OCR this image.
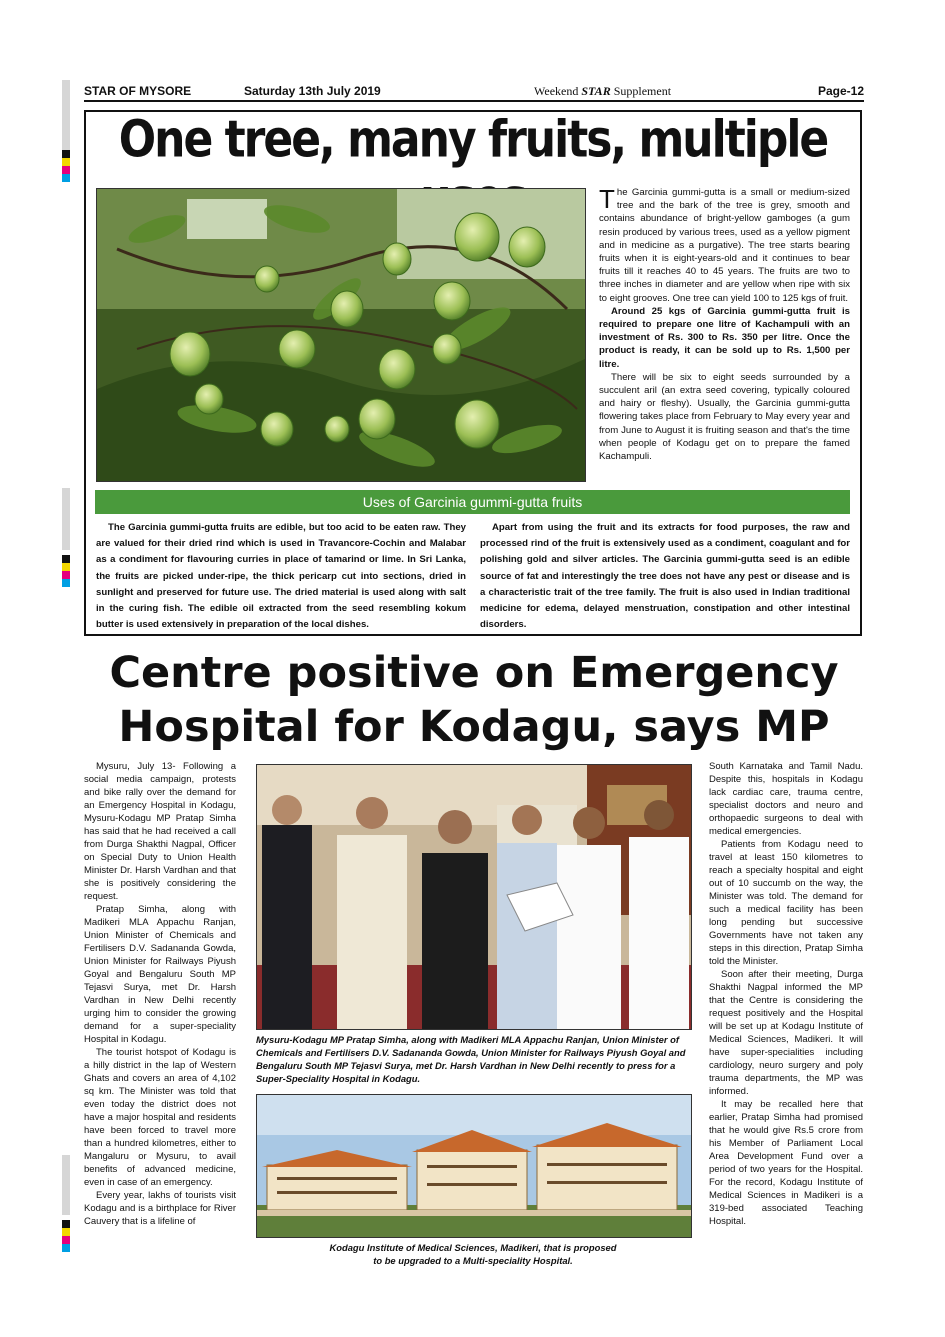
STAR OF MYSORE	Saturday 13th July 2019	Weekend STAR Supplement	Page-12
One tree, many fruits, multiple

The Garcinia gummi-gutta is a small or medium-sized tree and the bark of the tree is grey, smooth and contains abundance of bright-yellow gamboges (a gum resin produced by various trees, used as a yellow pigment and in medicine as a purgative). The tree starts bearing fruits when it is eight-years-old and it continues to bear fruits till it reaches 40 to 45 years. The fruits are two to three inches in diameter and are yellow when ripe with six to eight grooves. One tree can yield 100 to 125 kgs of fruit.

Around 25 kgs of Garcinia gummi-gutta fruit is required to prepare one litre of Kachampuli with an investment of Rs. 300 to Rs. 350 per litre. Once the product is ready, it can be sold up to Rs. 1,500 per litre.

There will be six to eight seeds surrounded by a succulent aril (an extra seed covering, typically coloured and hairy or fleshy). Usually, the Garcinia gummi-gutta flowering takes place from February to May every year and from June to August it is fruiting season and that's the time when people of Kodagu get on to prepare the famed Kachampuli.

Uses of Garcinia gummi-gutta fruits

The Garcinia gummi-gutta fruits are edible, but too acid to be eaten raw. They are valued for their dried rind which is used in Travancore-Cochin and Malabar as a condiment for flavouring curries in place of tamarind or lime. In Sri Lanka, the fruits are picked under-ripe, the thick pericarp cut into sections, dried in sunlight and preserved for future use. The dried material is used along with salt in the curing fish. The edible oil extracted from the seed resembling kokum butter is used extensively in preparation of the local dishes.

Apart from using the fruit and its extracts for food purposes, the raw and processed rind of the fruit is extensively used as a condiment, coagulant and for polishing gold and silver articles. The Garcinia gummi-gutta seed is an edible source of fat and interestingly the tree does not have any pest or disease and is a characteristic trait of the tree family. The fruit is also used in Indian traditional medicine for edema, delayed menstruation, constipation and other intestinal disorders.

Centre positive on Emergency
Hospital for Kodagu, says MP

Mysuru, July 13- Following a social media campaign, protests and bike rally over the demand for an Emergency Hospital in Kodagu, Mysuru-Kodagu MP Pratap Simha has said that he had received a call from Durga Shakthi Nagpal, Officer on Special Duty to Union Health Minister Dr. Harsh Vardhan and that she is positively considering the request.

Pratap Simha, along with Madikeri MLA Appachu Ranjan, Union Minister of Chemicals and Fertilisers D.V. Sadananda Gowda, Union Minister for Railways Piyush Goyal and Bengaluru South MP Tejasvi Surya, met Dr. Harsh Vardhan in New Delhi recently urging him to consider the growing demand for a super-speciality Hospital in Kodagu.

The tourist hotspot of Kodagu is a hilly district in the lap of Western Ghats and covers an area of 4,102 sq km. The Minister was told that even today the district does not have a major hospital and residents have been forced to travel more than a hundred kilometres, either to Mangaluru or Mysuru, to avail benefits of advanced medicine, even in case of an emergency.

Every year, lakhs of tourists visit Kodagu and is a birthplace for River Cauvery that is a lifeline of

Mysuru-Kodagu MP Pratap Simha, along with Madikeri MLA Appachu Ranjan, Union Minister of Chemicals and Fertilisers D.V. Sadananda Gowda, Union Minister for Railways Piyush Goyal and Bengaluru South MP Tejasvi Surya, met Dr. Harsh Vardhan in New Delhi recently to press for a Super-Speciality Hospital in Kodagu.
Kodagu Institute of Medical Sciences, Madikeri, that is proposed
to be upgraded to a Multi-speciality Hospital.

South Karnataka and Tamil Nadu. Despite this, hospitals in Kodagu lack cardiac care, trauma centre, specialist doctors and neuro and orthopaedic surgeons to deal with medical emergencies.

Patients from Kodagu need to travel at least 150 kilometres to reach a specialty hospital and eight out of 10 succumb on the way, the Minister was told. The demand for such a medical facility has been long pending but successive Governments have not taken any steps in this direction, Pratap Simha told the Minister.

Soon after their meeting, Durga Shakthi Nagpal informed the MP that the Centre is considering the request positively and the Hospital will be set up at Kodagu Institute of Medical Sciences, Madikeri. It will have super-specialities including cardiology, neuro surgery and poly trauma departments, the MP was informed.

It may be recalled here that earlier, Pratap Simha had promised that he would give Rs.5 crore from his Member of Parliament Local Area Development Fund over a period of two years for the Hospital. For the record, Kodagu Institute of Medical Sciences in Madikeri is a 319-bed associated Teaching Hospital.
